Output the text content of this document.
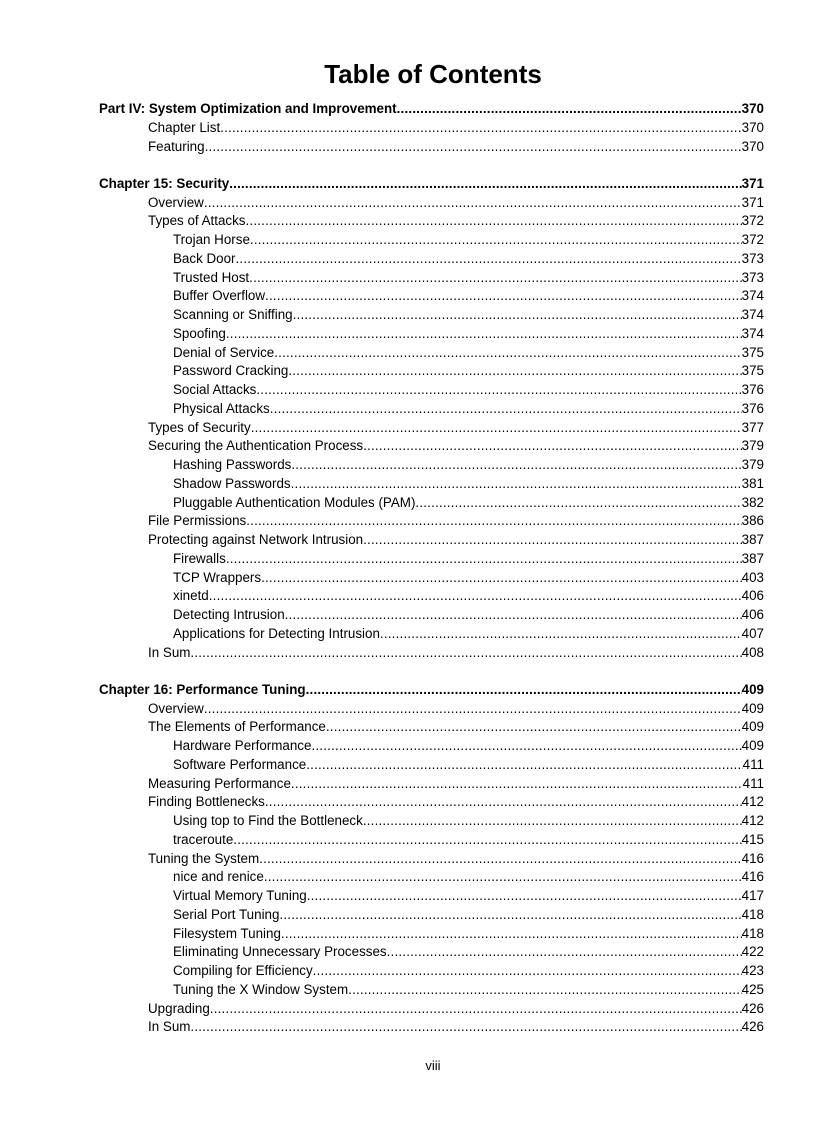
Table of Contents
Part IV: System Optimization and Improvement .....	370
Chapter List .....	370
Featuring .....	370
Chapter 15: Security .....	371
Overview .....	371
Types of Attacks .....	372
Trojan Horse .....	372
Back Door .....	373
Trusted Host .....	373
Buffer Overflow .....	374
Scanning or Sniffing .....	374
Spoofing .....	374
Denial of Service .....	375
Password Cracking .....	375
Social Attacks .....	376
Physical Attacks .....	376
Types of Security .....	377
Securing the Authentication Process .....	379
Hashing Passwords .....	379
Shadow Passwords .....	381
Pluggable Authentication Modules (PAM) .....	382
File Permissions .....	386
Protecting against Network Intrusion .....	387
Firewalls .....	387
TCP Wrappers .....	403
xinetd .....	406
Detecting Intrusion .....	406
Applications for Detecting Intrusion .....	407
In Sum .....	408
Chapter 16: Performance Tuning .....	409
Overview .....	409
The Elements of Performance .....	409
Hardware Performance .....	409
Software Performance .....	411
Measuring Performance .....	411
Finding Bottlenecks .....	412
Using top to Find the Bottleneck .....	412
traceroute .....	415
Tuning the System .....	416
nice and renice .....	416
Virtual Memory Tuning .....	417
Serial Port Tuning .....	418
Filesystem Tuning .....	418
Eliminating Unnecessary Processes .....	422
Compiling for Efficiency .....	423
Tuning the X Window System .....	425
Upgrading .....	426
In Sum .....	426
viii
